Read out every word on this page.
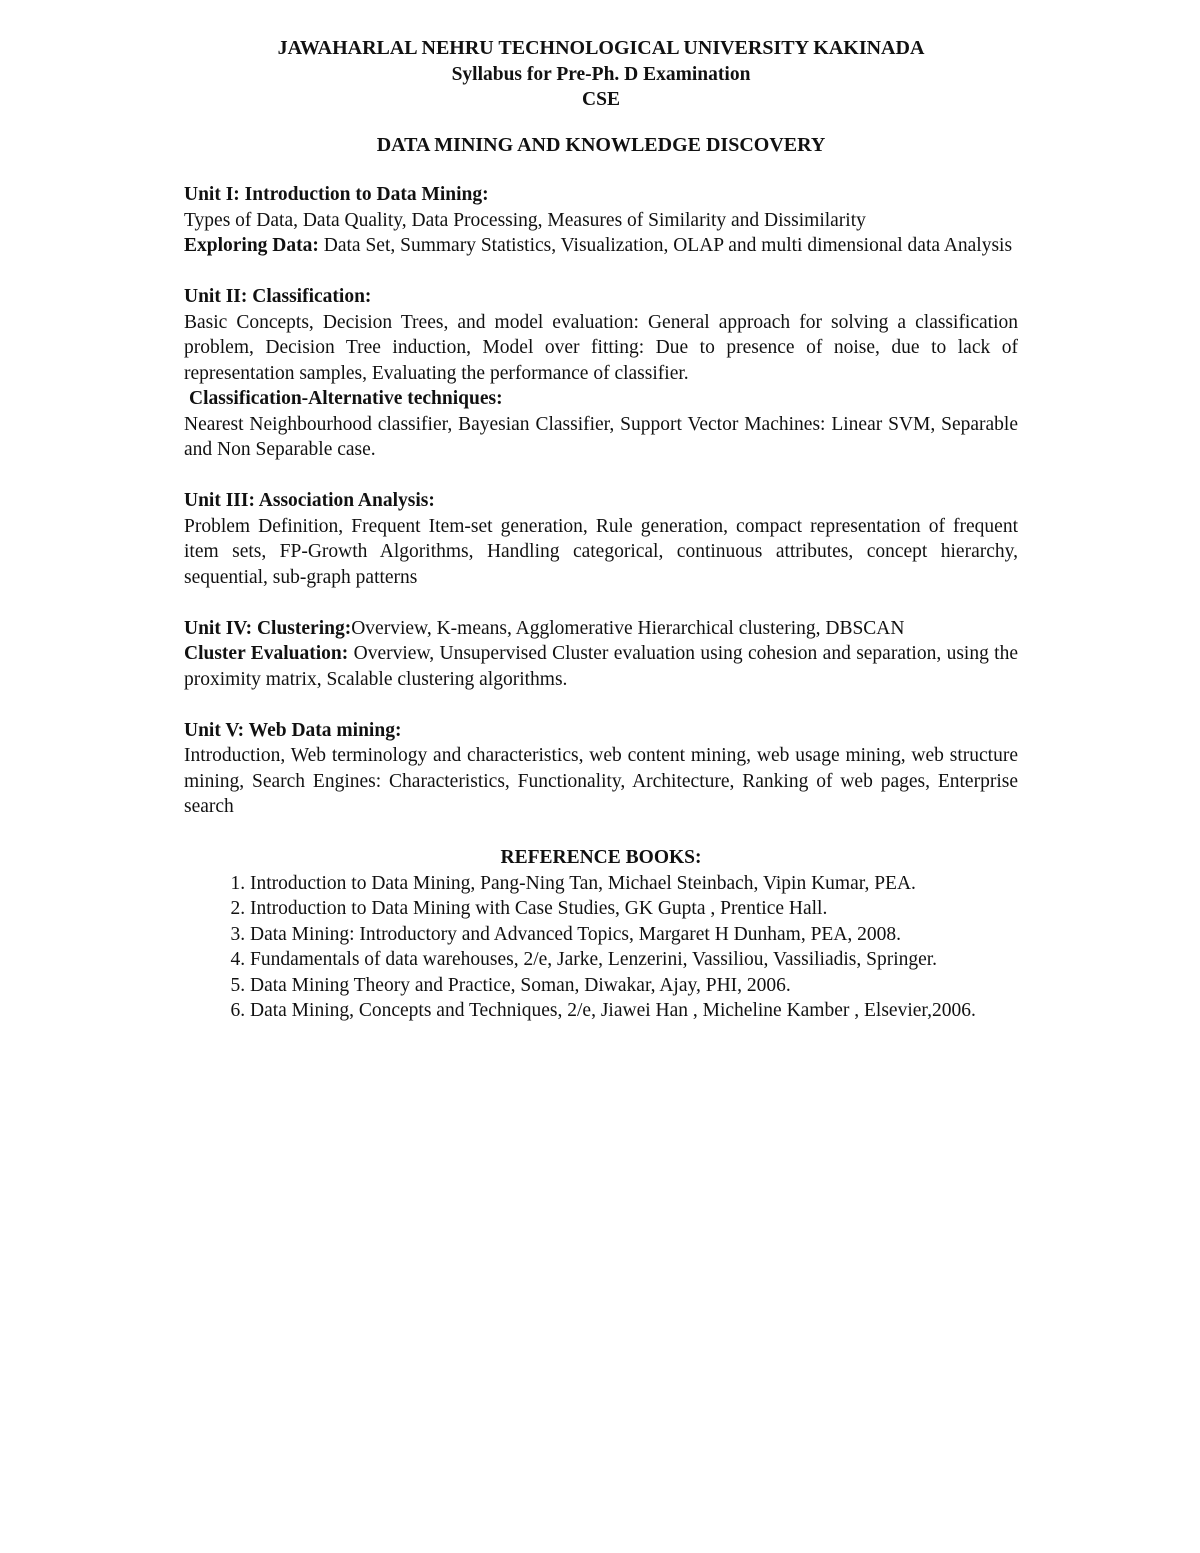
JAWAHARLAL NEHRU TECHNOLOGICAL UNIVERSITY KAKINADA
Syllabus for Pre-Ph. D Examination
CSE
DATA MINING AND KNOWLEDGE DISCOVERY
Unit I: Introduction to Data Mining:
Types of Data, Data Quality, Data Processing, Measures of Similarity and Dissimilarity
Exploring Data: Data Set, Summary Statistics, Visualization, OLAP and multi dimensional data Analysis
Unit II: Classification:
Basic Concepts, Decision Trees, and model evaluation: General approach for solving a classification problem, Decision Tree induction, Model over fitting: Due to presence of noise, due to lack of representation samples, Evaluating the performance of classifier.
Classification-Alternative techniques:
Nearest Neighbourhood classifier, Bayesian Classifier, Support Vector Machines: Linear SVM, Separable and Non Separable case.
Unit III: Association Analysis:
Problem Definition, Frequent Item-set generation, Rule generation, compact representation of frequent item sets, FP-Growth Algorithms, Handling categorical, continuous attributes, concept hierarchy, sequential, sub-graph patterns
Unit IV: Clustering:Overview, K-means, Agglomerative Hierarchical clustering, DBSCAN
Cluster Evaluation: Overview, Unsupervised Cluster evaluation using cohesion and separation, using the proximity matrix, Scalable clustering algorithms.
Unit V: Web Data mining:
Introduction, Web terminology and characteristics, web content mining, web usage mining, web structure mining, Search Engines: Characteristics, Functionality, Architecture, Ranking of web pages, Enterprise search
REFERENCE BOOKS:
1. Introduction to Data Mining, Pang-Ning Tan, Michael Steinbach, Vipin Kumar, PEA.
2. Introduction to Data Mining with Case Studies, GK Gupta , Prentice Hall.
3. Data Mining: Introductory and Advanced Topics, Margaret H Dunham, PEA, 2008.
4. Fundamentals of data warehouses, 2/e, Jarke, Lenzerini, Vassiliou, Vassiliadis, Springer.
5. Data Mining Theory and Practice, Soman, Diwakar, Ajay, PHI, 2006.
6. Data Mining, Concepts and Techniques, 2/e, Jiawei Han , Micheline Kamber , Elsevier,2006.
